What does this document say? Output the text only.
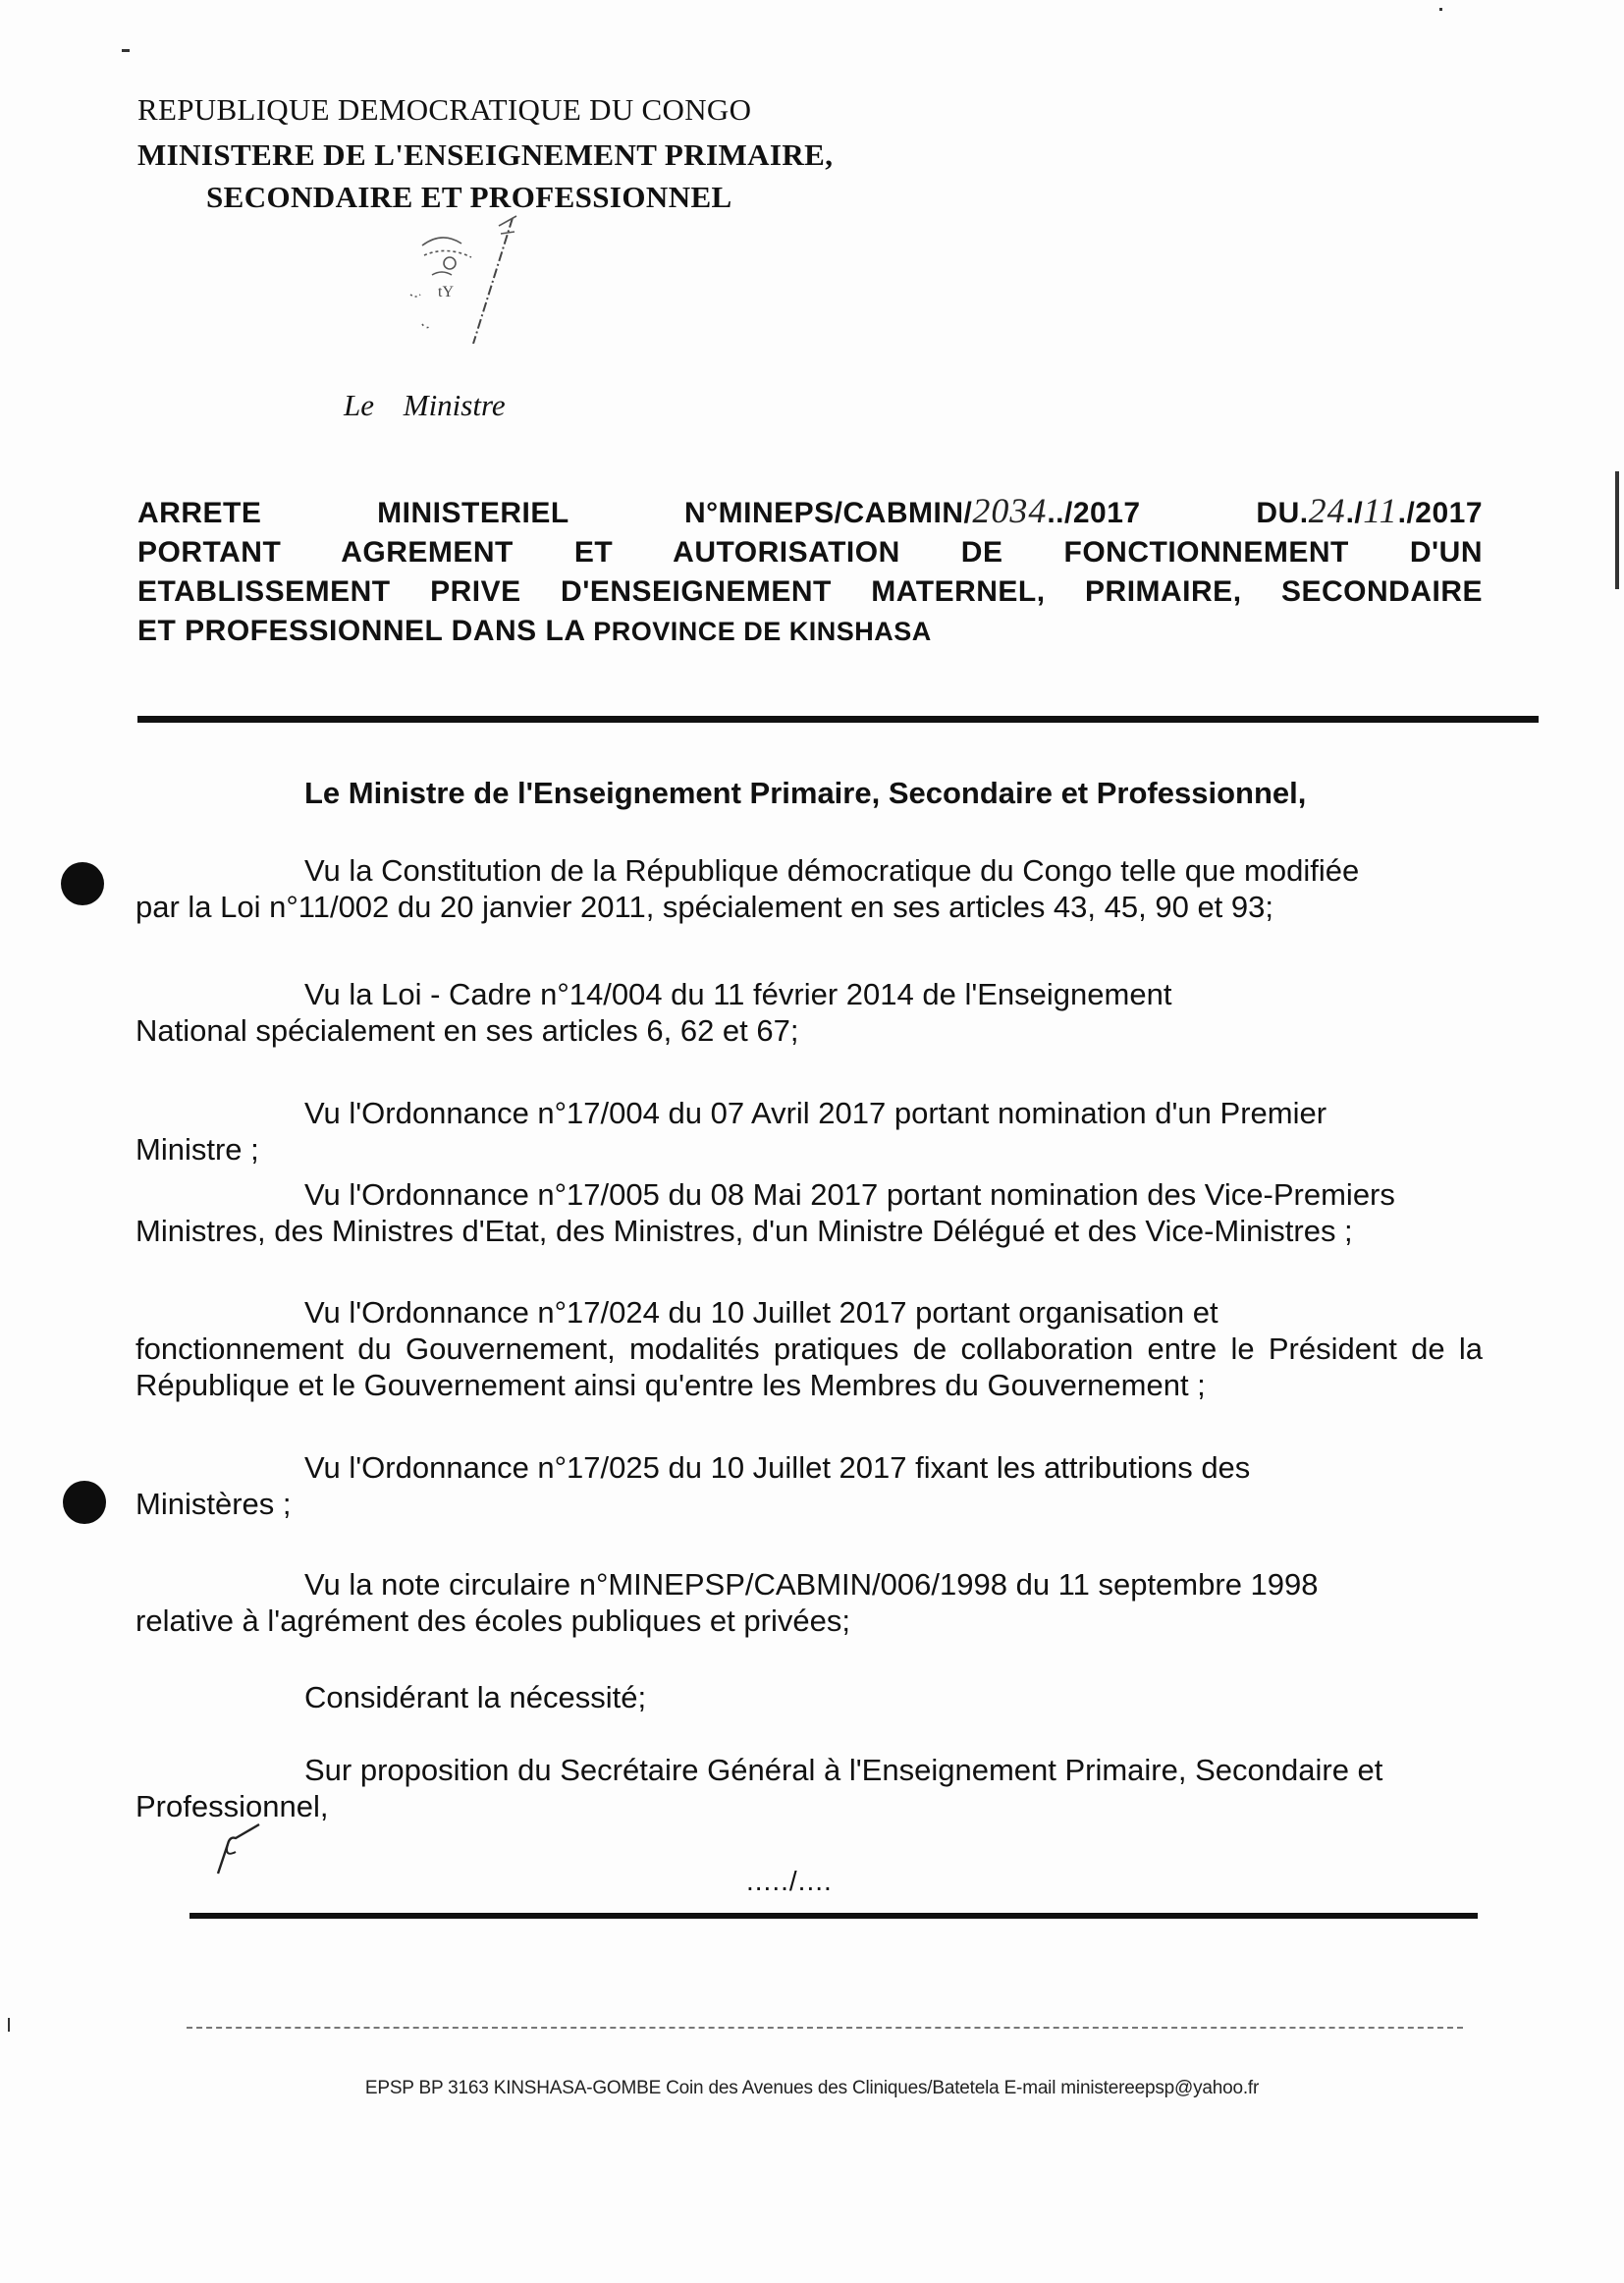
REPUBLIQUE DEMOCRATIQUE DU CONGO
MINISTERE DE L'ENSEIGNEMENT PRIMAIRE,
SECONDAIRE ET PROFESSIONNEL
tY
Le Ministre
ARRETE MINISTERIEL N°MINEPS/CABMIN/2034../2017 DU.24./11./2017
PORTANT AGREMENT ET AUTORISATION DE FONCTIONNEMENT D'UN
ETABLISSEMENT PRIVE D'ENSEIGNEMENT MATERNEL, PRIMAIRE, SECONDAIRE
ET PROFESSIONNEL DANS LA PROVINCE DE KINSHASA
Le Ministre de l'Enseignement Primaire, Secondaire et Professionnel,

Vu la Constitution de la République démocratique du Congo telle que modifiée

par la Loi n°11/002 du 20 janvier 2011, spécialement en ses articles 43, 45, 90 et 93;

Vu la Loi - Cadre n°14/004 du 11 février 2014 de l'Enseignement

National spécialement en ses articles 6, 62 et 67;

Vu l'Ordonnance n°17/004 du 07 Avril 2017 portant nomination d'un Premier

Ministre ;

Vu l'Ordonnance n°17/005 du 08 Mai 2017 portant nomination des Vice-Premiers

Ministres, des Ministres d'Etat, des Ministres, d'un Ministre Délégué et des Vice-Ministres ;

Vu l'Ordonnance n°17/024 du 10 Juillet 2017 portant organisation et

fonctionnement du Gouvernement, modalités pratiques de collaboration entre le Président de la République et le Gouvernement ainsi qu'entre les Membres du Gouvernement ;

Vu l'Ordonnance n°17/025 du 10 Juillet 2017 fixant les attributions des

Ministères ;

Vu la note circulaire n°MINEPSP/CABMIN/006/1998 du 11 septembre 1998

relative à l'agrément des écoles publiques et privées;

Considérant la nécessité;

Sur proposition du Secrétaire Général à l'Enseignement Primaire, Secondaire et

Professionnel,

...../....
EPSP BP 3163 KINSHASA-GOMBE Coin des Avenues des Cliniques/Batetela E-mail ministereepsp@yahoo.fr
